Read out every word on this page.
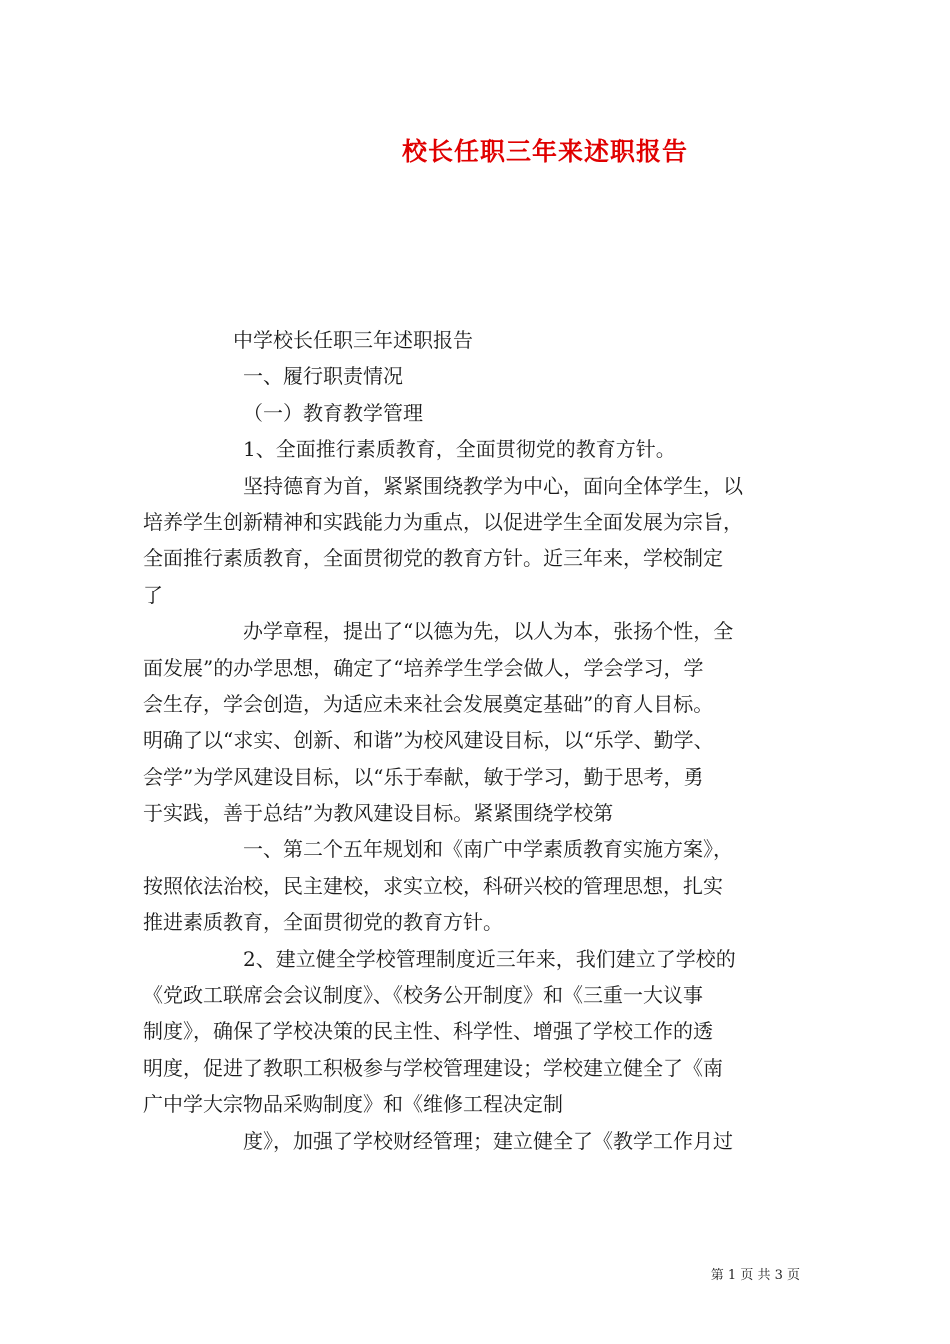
校长任职三年来述职报告
中学校长任职三年述职报告
一、履行职责情况
（一）教育教学管理
1、全面推行素质教育，全面贯彻党的教育方针。
坚持德育为首，紧紧围绕教学为中心，面向全体学生，以
培养学生创新精神和实践能力为重点，以促进学生全面发展为宗旨，
全面推行素质教育，全面贯彻党的教育方针。近三年来，学校制定
了
办学章程，提出了“以德为先，以人为本，张扬个性，全
面发展”的办学思想，确定了“培养学生学会做人，学会学习，学
会生存，学会创造，为适应未来社会发展奠定基础”的育人目标。
明确了以“求实、创新、和谐”为校风建设目标，以“乐学、勤学、
会学”为学风建设目标，以“乐于奉献，敏于学习，勤于思考，勇
于实践，善于总结”为教风建设目标。紧紧围绕学校第
一、第二个五年规划和《南广中学素质教育实施方案》，
按照依法治校，民主建校，求实立校，科研兴校的管理思想，扎实
推进素质教育，全面贯彻党的教育方针。
2、建立健全学校管理制度近三年来，我们建立了学校的
《党政工联席会会议制度》、《校务公开制度》和《三重一大议事
制度》，确保了学校决策的民主性、科学性、增强了学校工作的透
明度，促进了教职工积极参与学校管理建设；学校建立健全了《南
广中学大宗物品采购制度》和《维修工程决定制
度》，加强了学校财经管理；建立健全了《教学工作月过
第 1 页 共 3 页
